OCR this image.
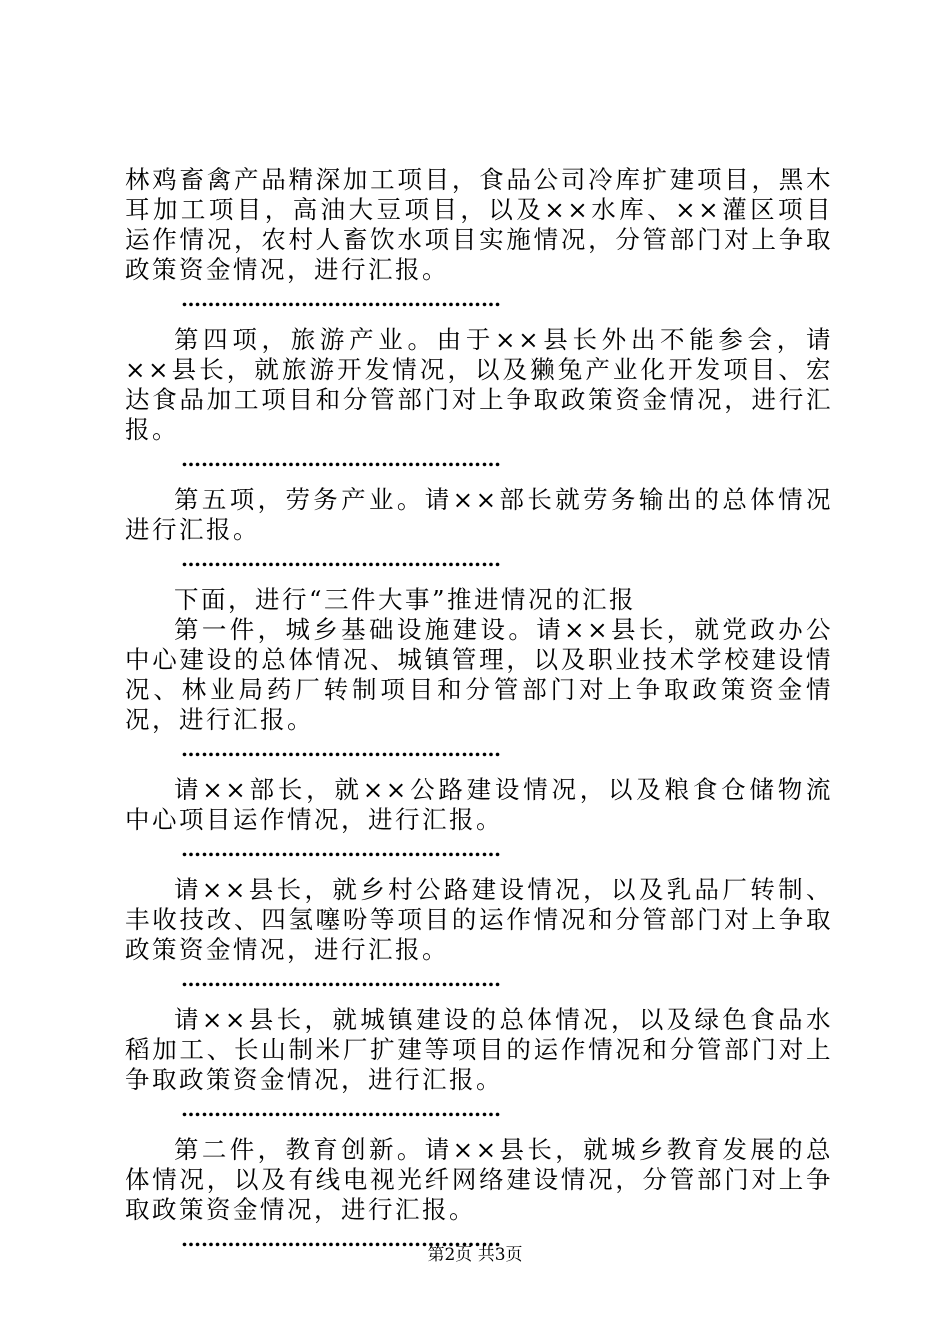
林鸡畜禽产品精深加工项目，食品公司冷库扩建项目，黑木耳加工项目，高油大豆项目，以及××水库、××灌区项目运作情况，农村人畜饮水项目实施情况，分管部门对上争取政策资金情况，进行汇报。

…………………………………………

第四项，旅游产业。由于××县长外出不能参会，请××县长，就旅游开发情况，以及獭兔产业化开发项目、宏达食品加工项目和分管部门对上争取政策资金情况，进行汇报。

…………………………………………

第五项，劳务产业。请××部长就劳务输出的总体情况进行汇报。

…………………………………………

下面，进行“三件大事”推进情况的汇报

第一件，城乡基础设施建设。请××县长，就党政办公中心建设的总体情况、城镇管理，以及职业技术学校建设情况、林业局药厂转制项目和分管部门对上争取政策资金情况，进行汇报。

…………………………………………

请××部长，就××公路建设情况，以及粮食仓储物流中心项目运作情况，进行汇报。

…………………………………………

请××县长，就乡村公路建设情况，以及乳品厂转制、丰收技改、四氢噻吩等项目的运作情况和分管部门对上争取政策资金情况，进行汇报。

…………………………………………

请××县长，就城镇建设的总体情况，以及绿色食品水稻加工、长山制米厂扩建等项目的运作情况和分管部门对上争取政策资金情况，进行汇报。

…………………………………………

第二件，教育创新。请××县长，就城乡教育发展的总体情况，以及有线电视光纤网络建设情况，分管部门对上争取政策资金情况，进行汇报。

…………………………………………
第2页 共3页
